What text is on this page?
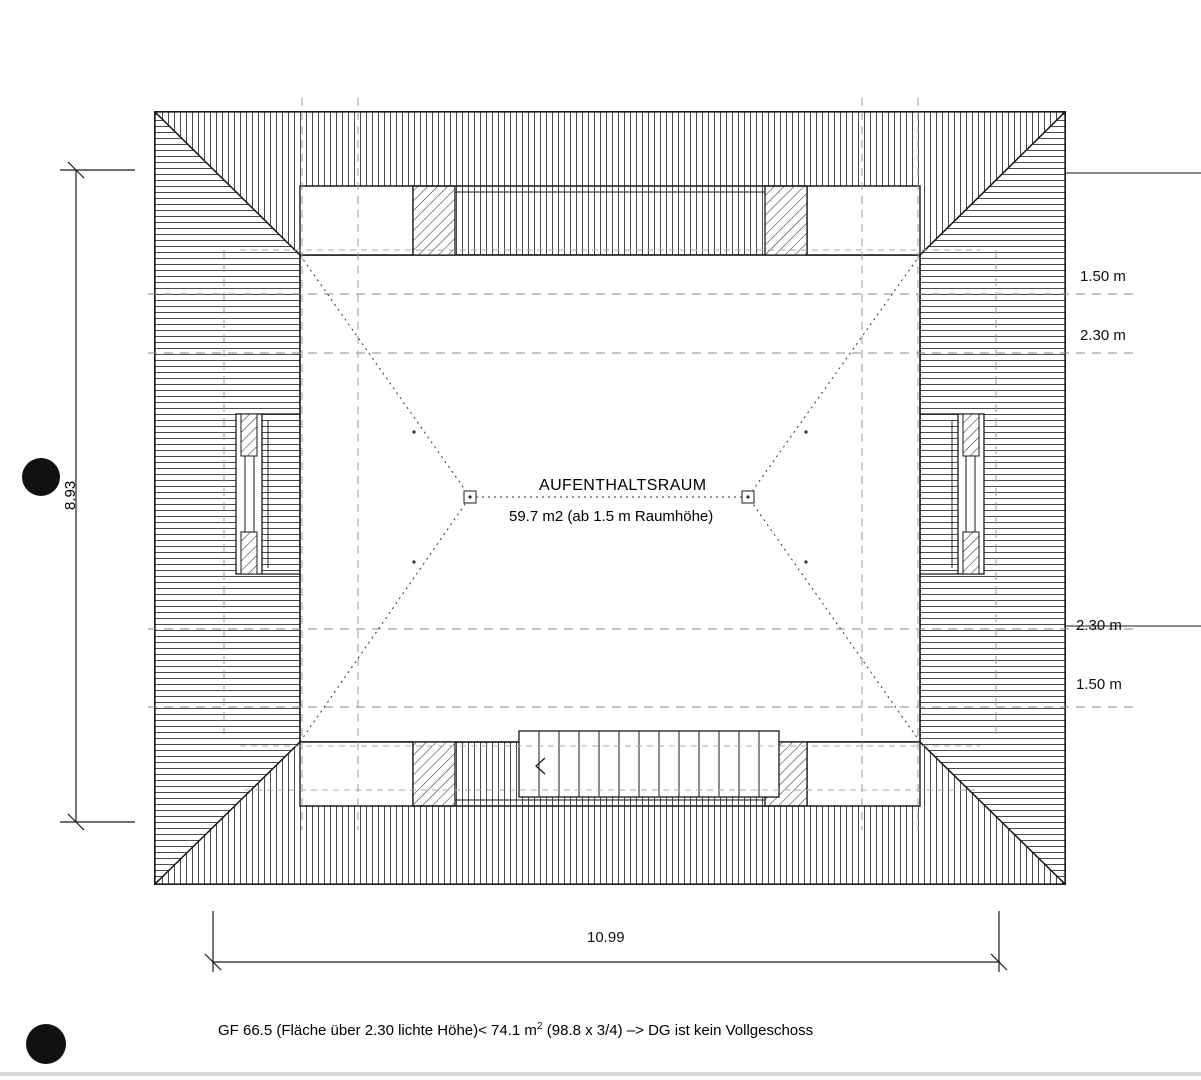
AUFENTHALTSRAUM
59.7 m2 (ab 1.5 m Raumhöhe)
1.50 m
2.30 m
2.30 m
1.50 m
10.99
8.93
GF 66.5 (Fläche über 2.30 lichte Höhe)< 74.1 $m^2$ (98.8 x 3/4) –> DG ist kein Vollgeschoss
